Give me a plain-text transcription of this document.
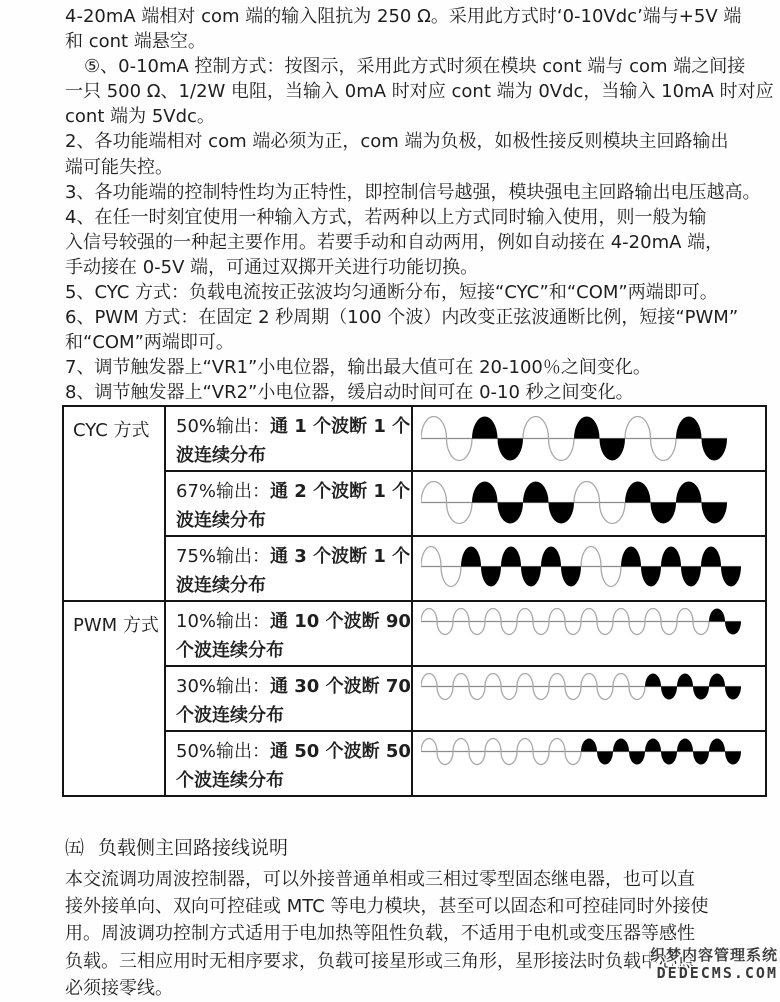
4-20mA 端相对 com 端的输入阻抗为 250 Ω。采用此方式时‘0-10Vdc’端与+5V 端
和 cont 端悬空。
⑤、0-10mA 控制方式：按图示，采用此方式时须在模块 cont 端与 com 端之间接
一只 500 Ω、1/2W 电阻，当输入 0mA 时对应 cont 端为 0Vdc，当输入 10mA 时对应
cont 端为 5Vdc。
2、各功能端相对 com 端必须为正，com 端为负极，如极性接反则模块主回路输出
端可能失控。
3、各功能端的控制特性均为正特性，即控制信号越强，模块强电主回路输出电压越高。
4、在任一时刻宜使用一种输入方式，若两种以上方式同时输入使用，则一般为输
入信号较强的一种起主要作用。若要手动和自动两用，例如自动接在 4-20mA 端，
手动接在 0-5V 端，可通过双掷开关进行功能切换。
5、CYC 方式：负载电流按正弦波均匀通断分布，短接“CYC”和“COM”两端即可。
6、PWM 方式：在固定 2 秒周期（100 个波）内改变正弦波通断比例，短接“PWM”
和“COM”两端即可。
7、调节触发器上“VR1”小电位器，输出最大值可在 20-100％之间变化。
8、调节触发器上“VR2”小电位器，缓启动时间可在 0-10 秒之间变化。
CYC 方式	50%输出：通 1 个波断 1 个
波连续分布

	67%输出：通 2 个波断 1 个
波连续分布

	75%输出：通 3 个波断 1 个
波连续分布

PWM 方式	10%输出：通 10 个波断 90
个波连续分布

	30%输出：通 30 个波断 70
个波连续分布

	50%输出：通 50 个波断 50
个波连续分布

㈤ 负载侧主回路接线说明
本交流调功周波控制器，可以外接普通单相或三相过零型固态继电器，也可以直
接外接单向、双向可控硅或 MTC 等电力模块，甚至可以固态和可控硅同时外接使
用。周波调功控制方式适用于电加热等阻性负载，不适用于电机或变压器等感性
负载。三相应用时无相序要求，负载可接星形或三角形，星形接法时负载中心点
必须接零线。
织梦内容管理系统
DEDECMS.COM
